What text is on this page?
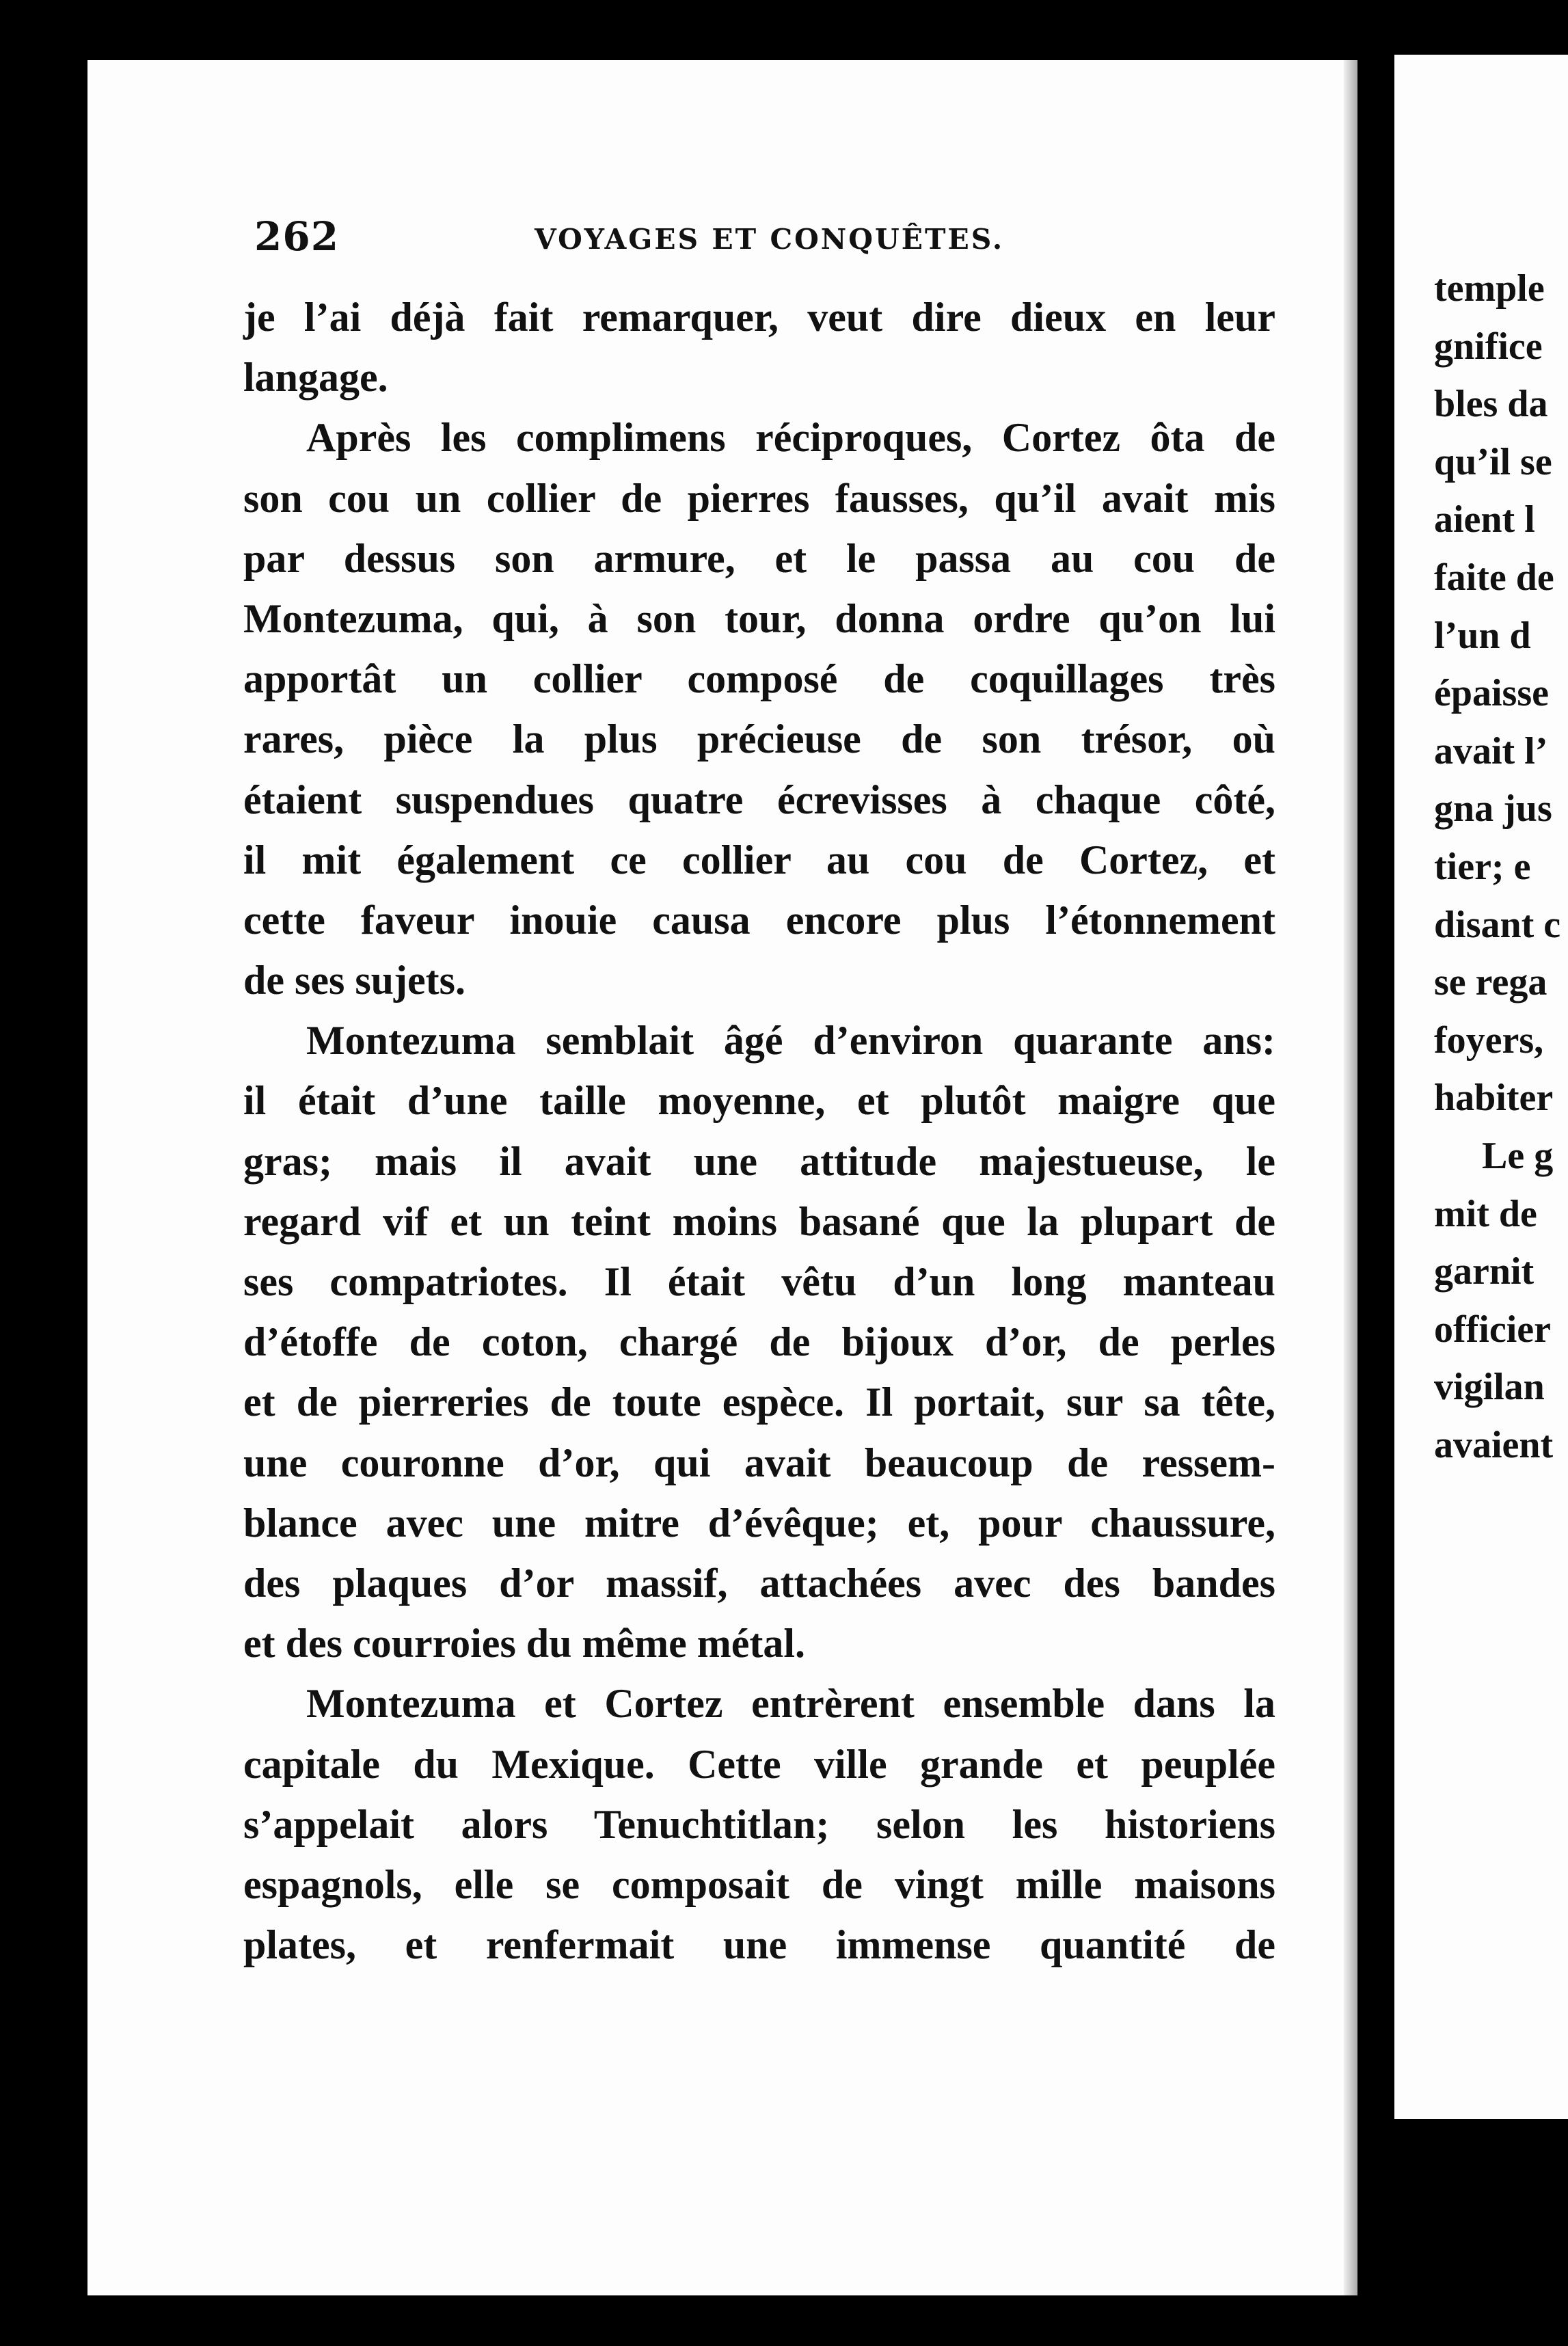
262	VOYAGES ET CONQUÊTES.
je l’ai déjà fait remarquer, veut dire dieux en leur
langage.
Après les complimens réciproques, Cortez ôta de
son cou un collier de pierres fausses, qu’il avait mis
par dessus son armure, et le passa au cou de
Montezuma, qui, à son tour, donna ordre qu’on lui
apportât un collier composé de coquillages très
rares, pièce la plus précieuse de son trésor, où
étaient suspendues quatre écrevisses à chaque côté,
il mit également ce collier au cou de Cortez, et
cette faveur inouie causa encore plus l’étonnement
de ses sujets.
Montezuma semblait âgé d’environ quarante ans:
il était d’une taille moyenne, et plutôt maigre que
gras; mais il avait une attitude majestueuse, le
regard vif et un teint moins basané que la plupart de
ses compatriotes. Il était vêtu d’un long manteau
d’étoffe de coton, chargé de bijoux d’or, de perles
et de pierreries de toute espèce. Il portait, sur sa tête,
une couronne d’or, qui avait beaucoup de ressem-
blance avec une mitre d’évêque; et, pour chaussure,
des plaques d’or massif, attachées avec des bandes
et des courroies du même métal.
Montezuma et Cortez entrèrent ensemble dans la
capitale du Mexique. Cette ville grande et peuplée
s’appelait alors Tenuchtitlan; selon les historiens
espagnols, elle se composait de vingt mille maisons
plates, et renfermait une immense quantité de
temple
gnifice
bles da
qu’il se
aient l
faite de
l’un d
épaisse
avait l’
gna jus
tier; e
disant c
se rega
foyers,
habiter
Le g
mit de
garnit
officier
vigilan
avaient
